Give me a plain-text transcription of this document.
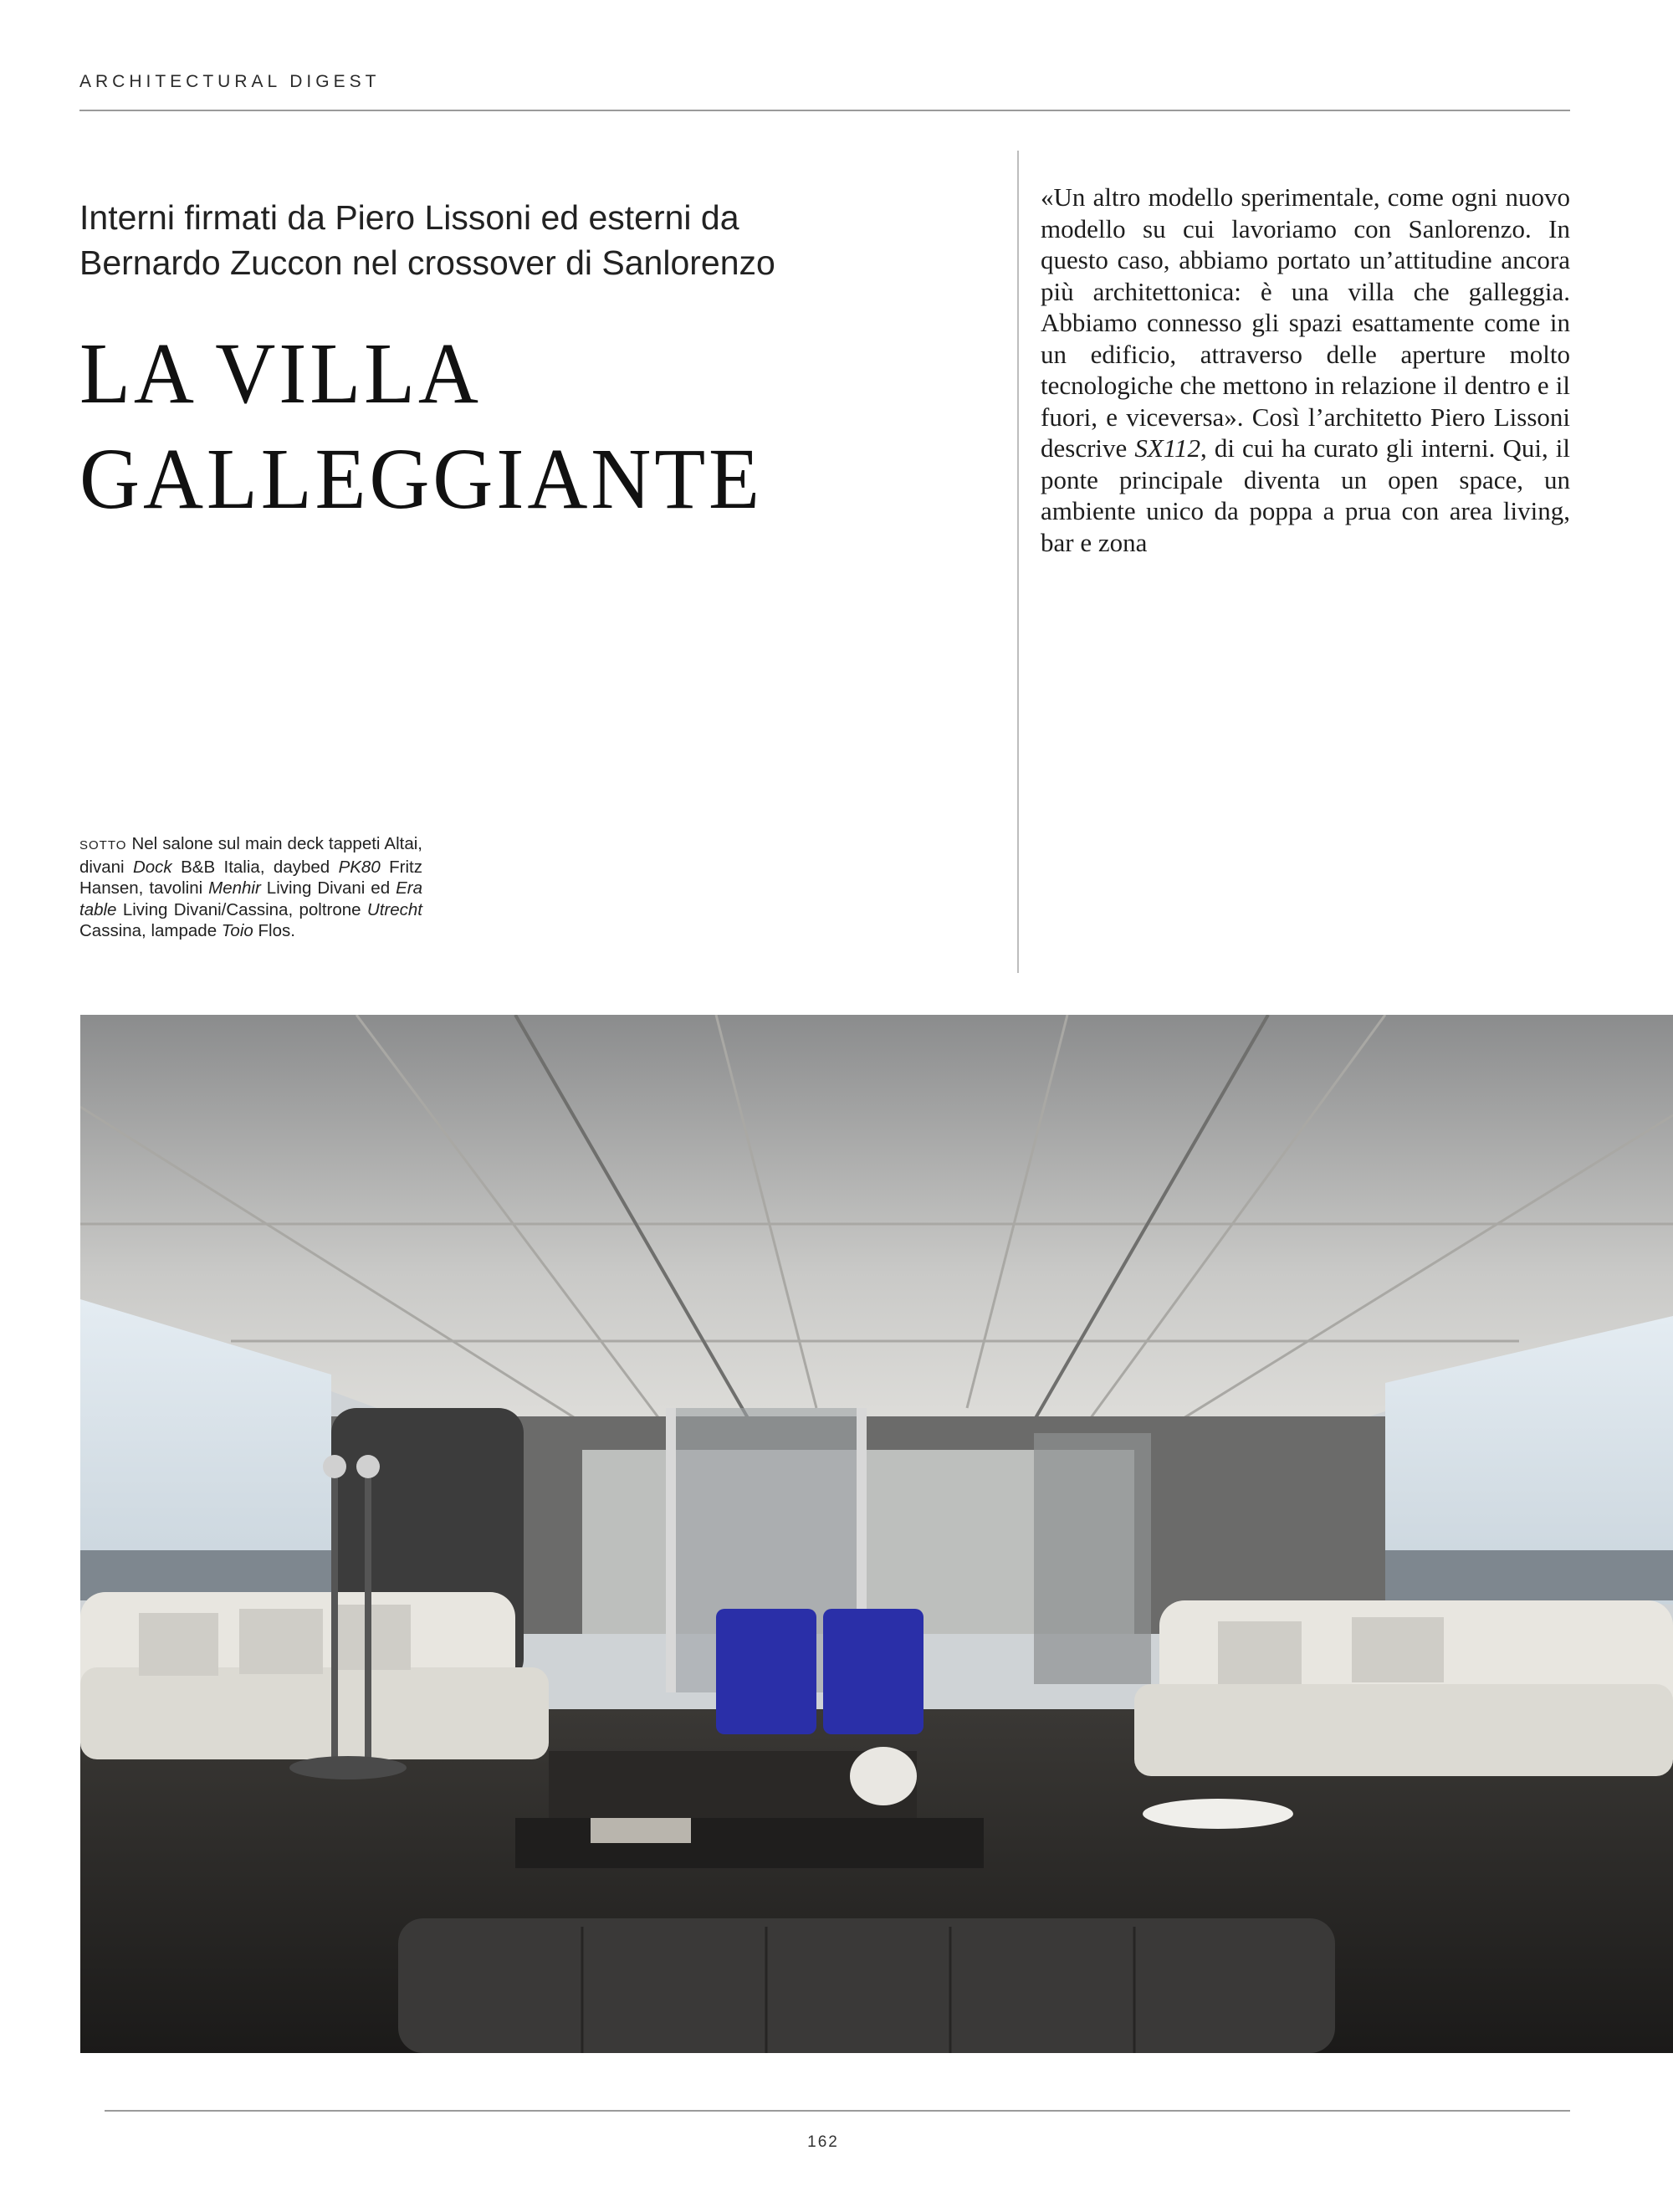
ARCHITECTURAL DIGEST
Interni firmati da Piero Lissoni ed esterni da Bernardo Zuccon nel crossover di Sanlorenzo
LA VILLA
GALLEGGIANTE
SOTTO Nel salone sul main deck tappeti Altai, divani Dock B&B Italia, daybed PK80 Fritz Hansen, tavolini Menhir Living Divani ed Era table Living Divani/Cassina, poltrone Utrecht Cassina, lampade Toio Flos.
«Un altro modello sperimentale, come ogni nuovo modello su cui lavoriamo con Sanlorenzo. In questo caso, abbiamo portato un’attitudine ancora più architettonica: è una villa che galleggia. Abbiamo connesso gli spazi esattamente come in un edificio, attraverso delle aperture molto tecnologiche che mettono in relazione il dentro e il fuori, e viceversa». Così l’architetto Piero Lissoni descrive SX112, di cui ha curato gli interni. Qui, il ponte principale diventa un open space, un ambiente unico da poppa a prua con area living, bar e zona
162
